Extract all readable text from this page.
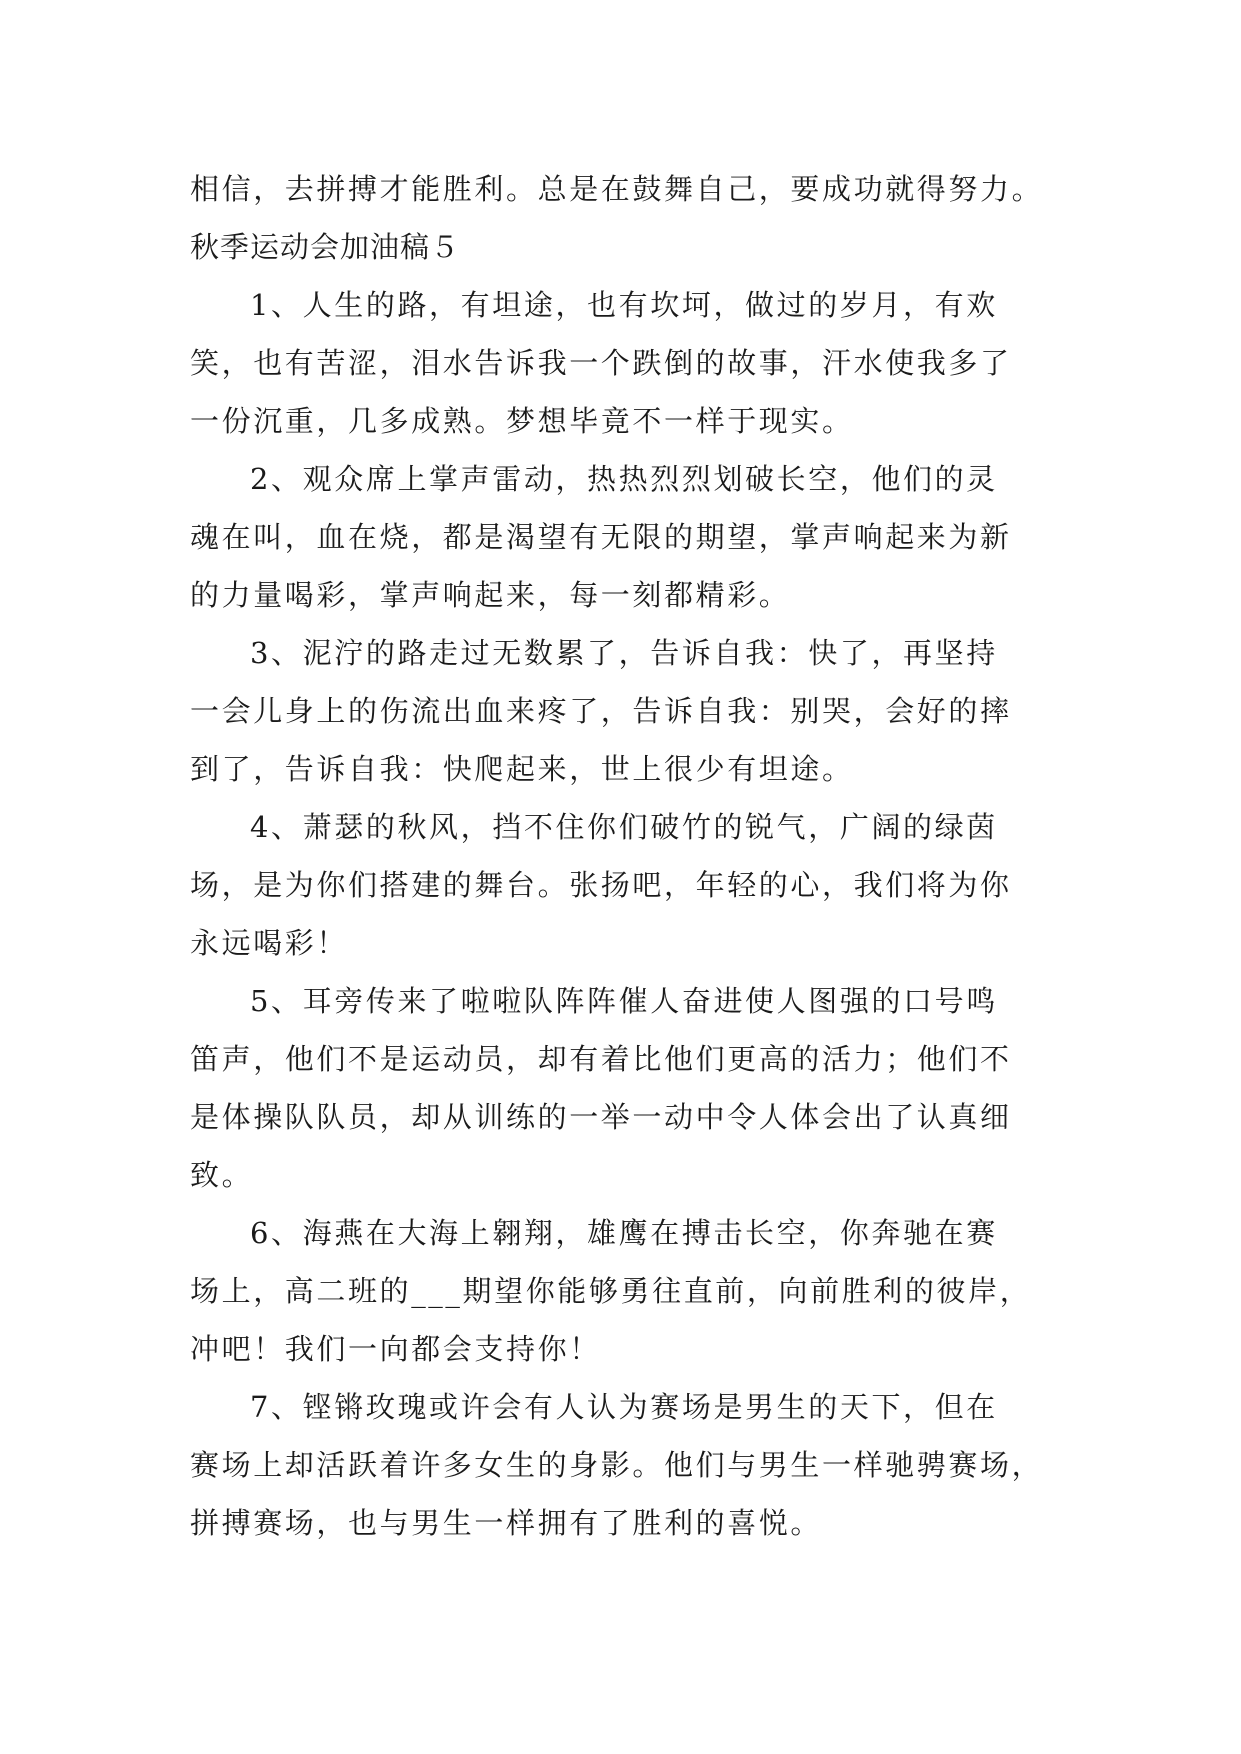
相信，去拼搏才能胜利。总是在鼓舞自己，要成功就得努力。
秋季运动会加油稿５
1、人生的路，有坦途，也有坎坷，做过的岁月，有欢
笑，也有苦涩，泪水告诉我一个跌倒的故事，汗水使我多了
一份沉重，几多成熟。梦想毕竟不一样于现实。
2、观众席上掌声雷动，热热烈烈划破长空，他们的灵
魂在叫，血在烧，都是渴望有无限的期望，掌声响起来为新
的力量喝彩，掌声响起来，每一刻都精彩。
3、泥泞的路走过无数累了，告诉自我：快了，再坚持
一会儿身上的伤流出血来疼了，告诉自我：别哭，会好的摔
到了，告诉自我：快爬起来，世上很少有坦途。
4、萧瑟的秋风，挡不住你们破竹的锐气，广阔的绿茵
场，是为你们搭建的舞台。张扬吧，年轻的心，我们将为你
永远喝彩！
5、耳旁传来了啦啦队阵阵催人奋进使人图强的口号鸣
笛声，他们不是运动员，却有着比他们更高的活力；他们不
是体操队队员，却从训练的一举一动中令人体会出了认真细
致。
6、海燕在大海上翱翔，雄鹰在搏击长空，你奔驰在赛
场上，高二班的___期望你能够勇往直前，向前胜利的彼岸，
冲吧！我们一向都会支持你！
7、铿锵玫瑰或许会有人认为赛场是男生的天下，但在
赛场上却活跃着许多女生的身影。他们与男生一样驰骋赛场，
拼搏赛场，也与男生一样拥有了胜利的喜悦。
